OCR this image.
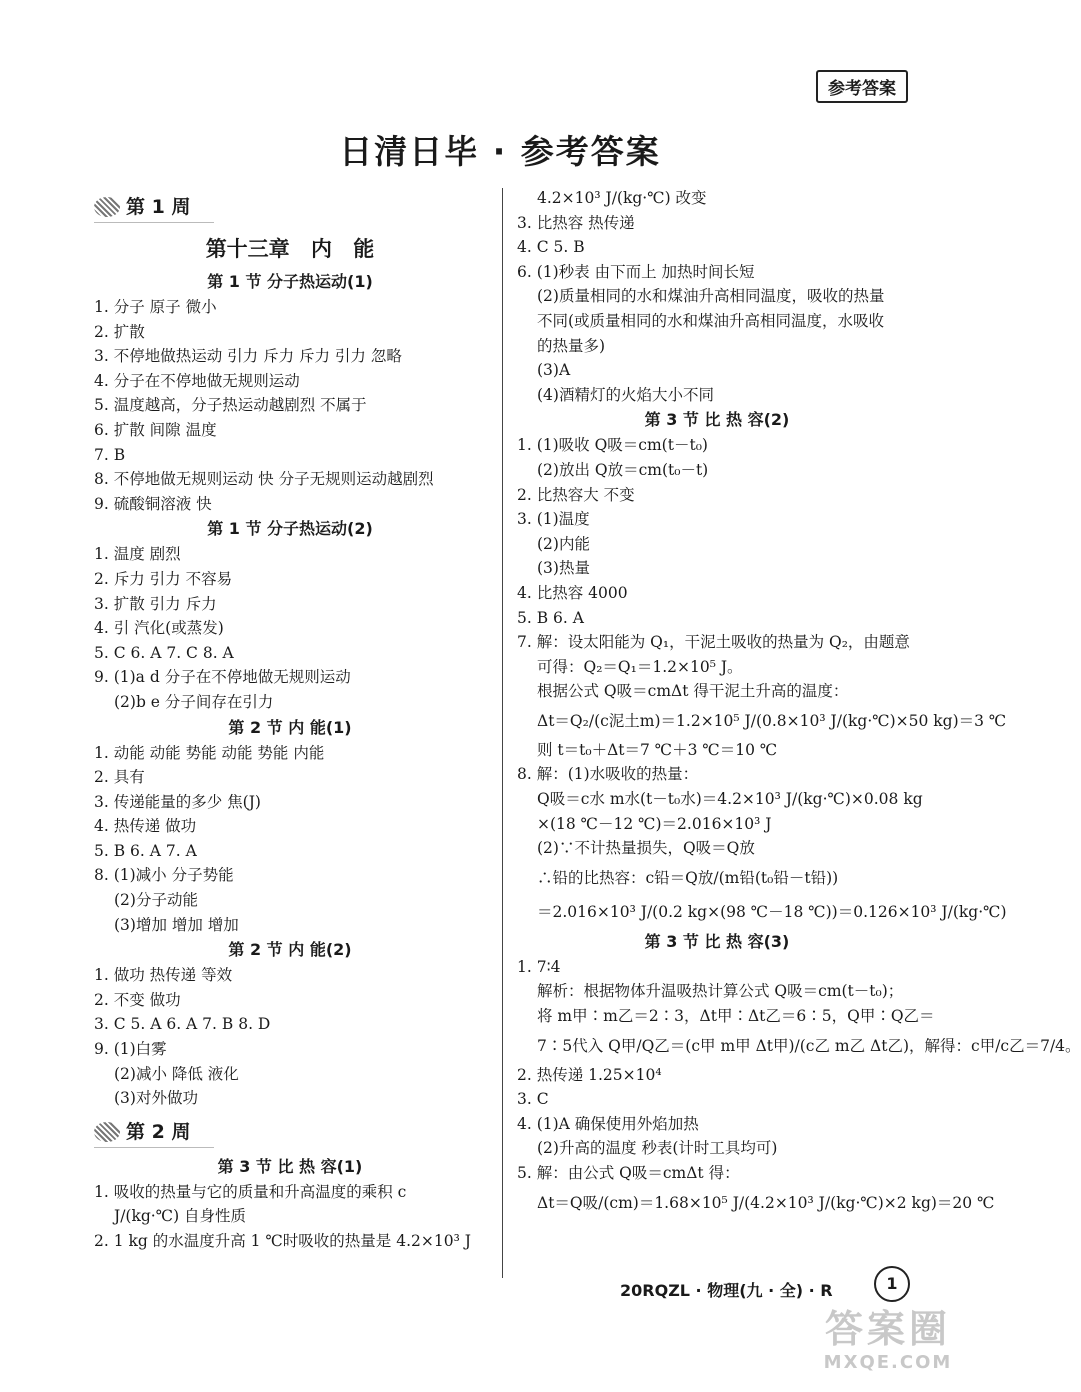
参考答案
日清日毕 · 参考答案
第 1 周
第十三章 内 能
第 1 节 分子热运动(1)
1. 分子 原子 微小
2. 扩散
3. 不停地做热运动 引力 斥力 斥力 引力 忽略
4. 分子在不停地做无规则运动
5. 温度越高，分子热运动越剧烈 不属于
6. 扩散 间隙 温度
7. B
8. 不停地做无规则运动 快 分子无规则运动越剧烈
9. 硫酸铜溶液 快
第 1 节 分子热运动(2)
1. 温度 剧烈
2. 斥力 引力 不容易
3. 扩散 引力 斥力
4. 引 汽化(或蒸发)
5. C 6. A 7. C 8. A
9. (1)a d 分子在不停地做无规则运动
(2)b e 分子间存在引力
第 2 节 内 能(1)
1. 动能 动能 势能 动能 势能 内能
2. 具有
3. 传递能量的多少 焦(J)
4. 热传递 做功
5. B 6. A 7. A
8. (1)减小 分子势能
(2)分子动能
(3)增加 增加 增加
第 2 节 内 能(2)
1. 做功 热传递 等效
2. 不变 做功
3. C 5. A 6. A 7. B 8. D
9. (1)白雾
(2)减小 降低 液化
(3)对外做功
第 2 周
第 3 节 比 热 容(1)
1. 吸收的热量与它的质量和升高温度的乘积 c
J/(kg·℃) 自身性质
2. 1 kg 的水温度升高 1 ℃时吸收的热量是 4.2×10³ J
4.2×10³ J/(kg·℃) 改变
3. 比热容 热传递
4. C 5. B
6. (1)秒表 由下而上 加热时间长短
(2)质量相同的水和煤油升高相同温度，吸收的热量
不同(或质量相同的水和煤油升高相同温度，水吸收
的热量多)
(3)A
(4)酒精灯的火焰大小不同
第 3 节 比 热 容(2)
1. (1)吸收 Q吸＝cm(t－t₀)
(2)放出 Q放＝cm(t₀－t)
2. 比热容大 不变
3. (1)温度
(2)内能
(3)热量
4. 比热容 4000
5. B 6. A
7. 解：设太阳能为 Q₁，干泥土吸收的热量为 Q₂，由题意
可得：Q₂＝Q₁＝1.2×10⁵ J。
根据公式 Q吸＝cmΔt 得干泥土升高的温度：
Δt＝Q₂/(c泥土m)＝1.2×10⁵ J/(0.8×10³ J/(kg·℃)×50 kg)＝3 ℃
则 t＝t₀＋Δt＝7 ℃＋3 ℃＝10 ℃
8. 解：(1)水吸收的热量：
Q吸＝c水 m水(t－t₀水)＝4.2×10³ J/(kg·℃)×0.08 kg
×(18 ℃－12 ℃)＝2.016×10³ J
(2)∵不计热量损失，Q吸＝Q放
∴铅的比热容：c铅＝Q放/(m铅(t₀铅－t铅))
＝2.016×10³ J/(0.2 kg×(98 ℃－18 ℃))＝0.126×10³ J/(kg·℃)
第 3 节 比 热 容(3)
1. 7∶4
解析：根据物体升温吸热计算公式 Q吸＝cm(t－t₀)；
将 m甲∶m乙＝2∶3，Δt甲∶Δt乙＝6∶5，Q甲∶Q乙＝
7∶5代入 Q甲/Q乙＝(c甲 m甲 Δt甲)/(c乙 m乙 Δt乙)，解得：c甲/c乙＝7/4。
2. 热传递 1.25×10⁴
3. C
4. (1)A 确保使用外焰加热
(2)升高的温度 秒表(计时工具均可)
5. 解：由公式 Q吸＝cmΔt 得：
Δt＝Q吸/(cm)＝1.68×10⁵ J/(4.2×10³ J/(kg·℃)×2 kg)＝20 ℃
20RQZL · 物理(九 · 全) · R	1
答案圈
MXQE.COM
